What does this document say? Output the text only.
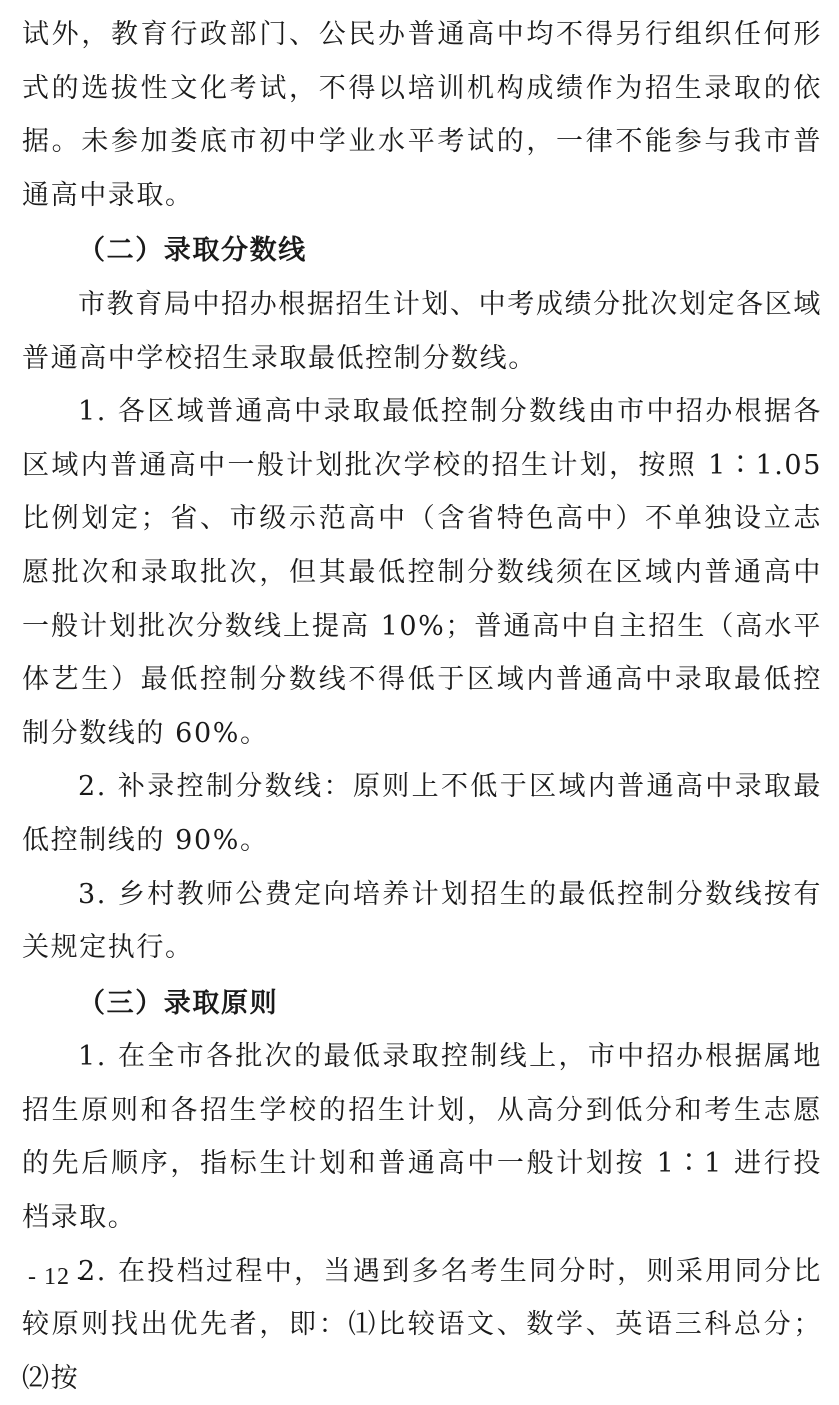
试外，教育行政部门、公民办普通高中均不得另行组织任何形式的选拔性文化考试，不得以培训机构成绩作为招生录取的依据。未参加娄底市初中学业水平考试的，一律不能参与我市普通高中录取。

（二）录取分数线

市教育局中招办根据招生计划、中考成绩分批次划定各区域普通高中学校招生录取最低控制分数线。

1. 各区域普通高中录取最低控制分数线由市中招办根据各区域内普通高中一般计划批次学校的招生计划，按照 1∶1.05 比例划定；省、市级示范高中（含省特色高中）不单独设立志愿批次和录取批次，但其最低控制分数线须在区域内普通高中一般计划批次分数线上提高 10%；普通高中自主招生（高水平体艺生）最低控制分数线不得低于区域内普通高中录取最低控制分数线的 60%。

2. 补录控制分数线：原则上不低于区域内普通高中录取最低控制线的 90%。

3. 乡村教师公费定向培养计划招生的最低控制分数线按有关规定执行。

（三）录取原则

1. 在全市各批次的最低录取控制线上，市中招办根据属地招生原则和各招生学校的招生计划，从高分到低分和考生志愿的先后顺序，指标生计划和普通高中一般计划按 1∶1 进行投档录取。

2. 在投档过程中，当遇到多名考生同分时，则采用同分比较原则找出优先者，即：⑴比较语文、数学、英语三科总分；⑵按

- 12 -
